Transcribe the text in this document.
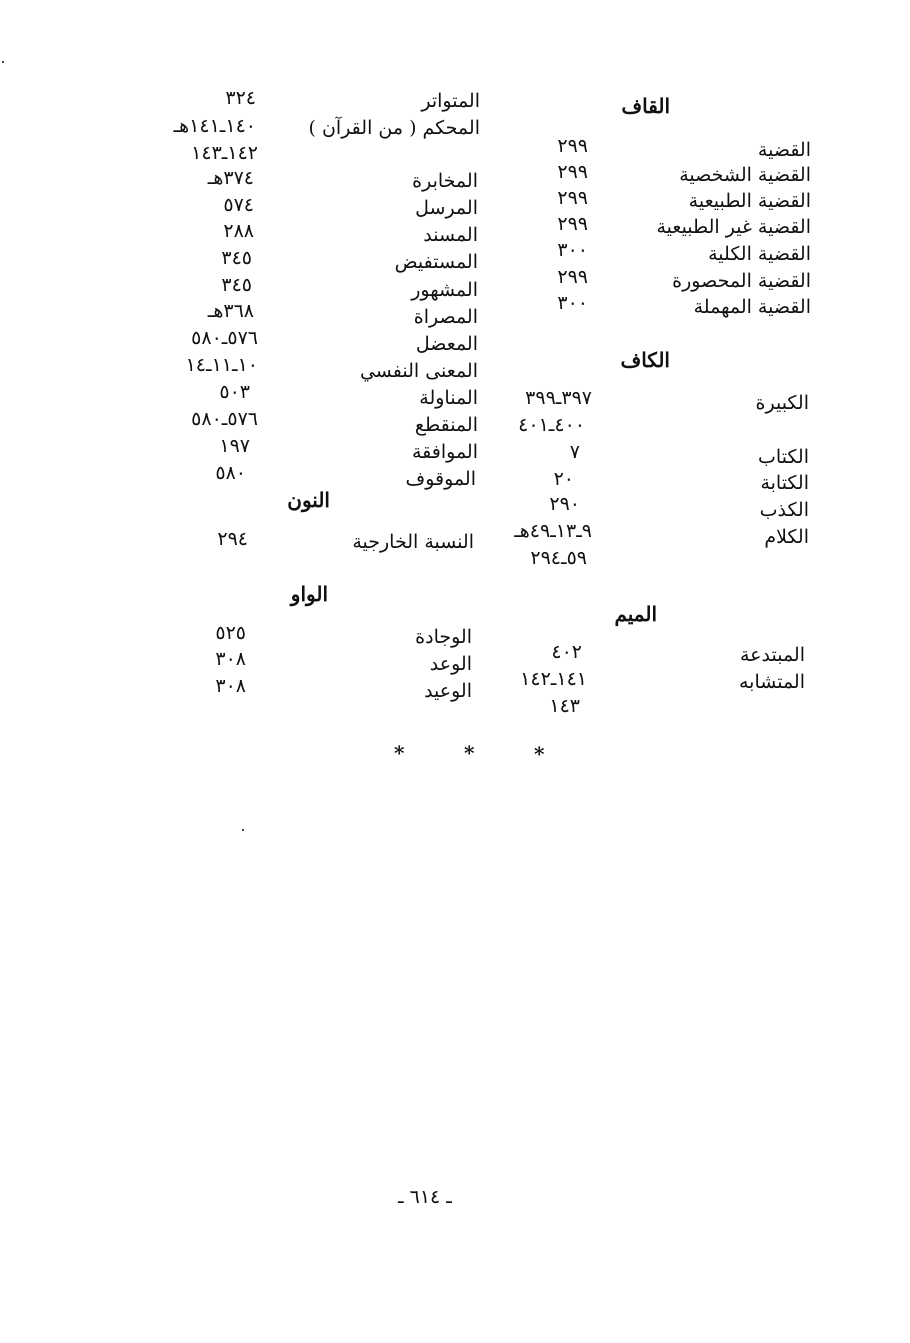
القاف
القضية
٢٩٩
القضية الشخصية
٢٩٩
القضية الطبيعية
٢٩٩
القضية غير الطبيعية
٢٩٩
القضية الكلية
٣٠٠
القضية المحصورة
٢٩٩
القضية المهملة
٣٠٠
الكاف
الكبيرة
٣٩٧ـ٣٩٩
٤٠٠ـ٤٠١
الكتاب
٧
الكتابة
٢٠
الكذب
٢٩٠
الكلام
٩ـ١٣ـ٤٩هـ
٥٩ـ٢٩٤
الميم
المبتدعة
٤٠٢
المتشابه
١٤١ـ١٤٢
١٤٣
المتواتر
٣٢٤
المحكم ( من القرآن )
١٤٠ـ١٤١هـ
١٤٢ـ١٤٣
المخابرة
٣٧٤هـ
المرسل
٥٧٤
المسند
٢٨٨
المستفيض
٣٤٥
المشهور
٣٤٥
المصراة
٣٦٨هـ
المعضل
٥٧٦ـ٥٨٠
المعنى النفسي
١٠ـ١١ـ١٤
المناولة
٥٠٣
المنقطع
٥٧٦ـ٥٨٠
الموافقة
١٩٧
الموقوف
٥٨٠
النون
النسبة الخارجية
٢٩٤
الواو
الوجادة
٥٢٥
الوعد
٣٠٨
الوعيد
٣٠٨
*	*	*
ـ ٦١٤ ـ
